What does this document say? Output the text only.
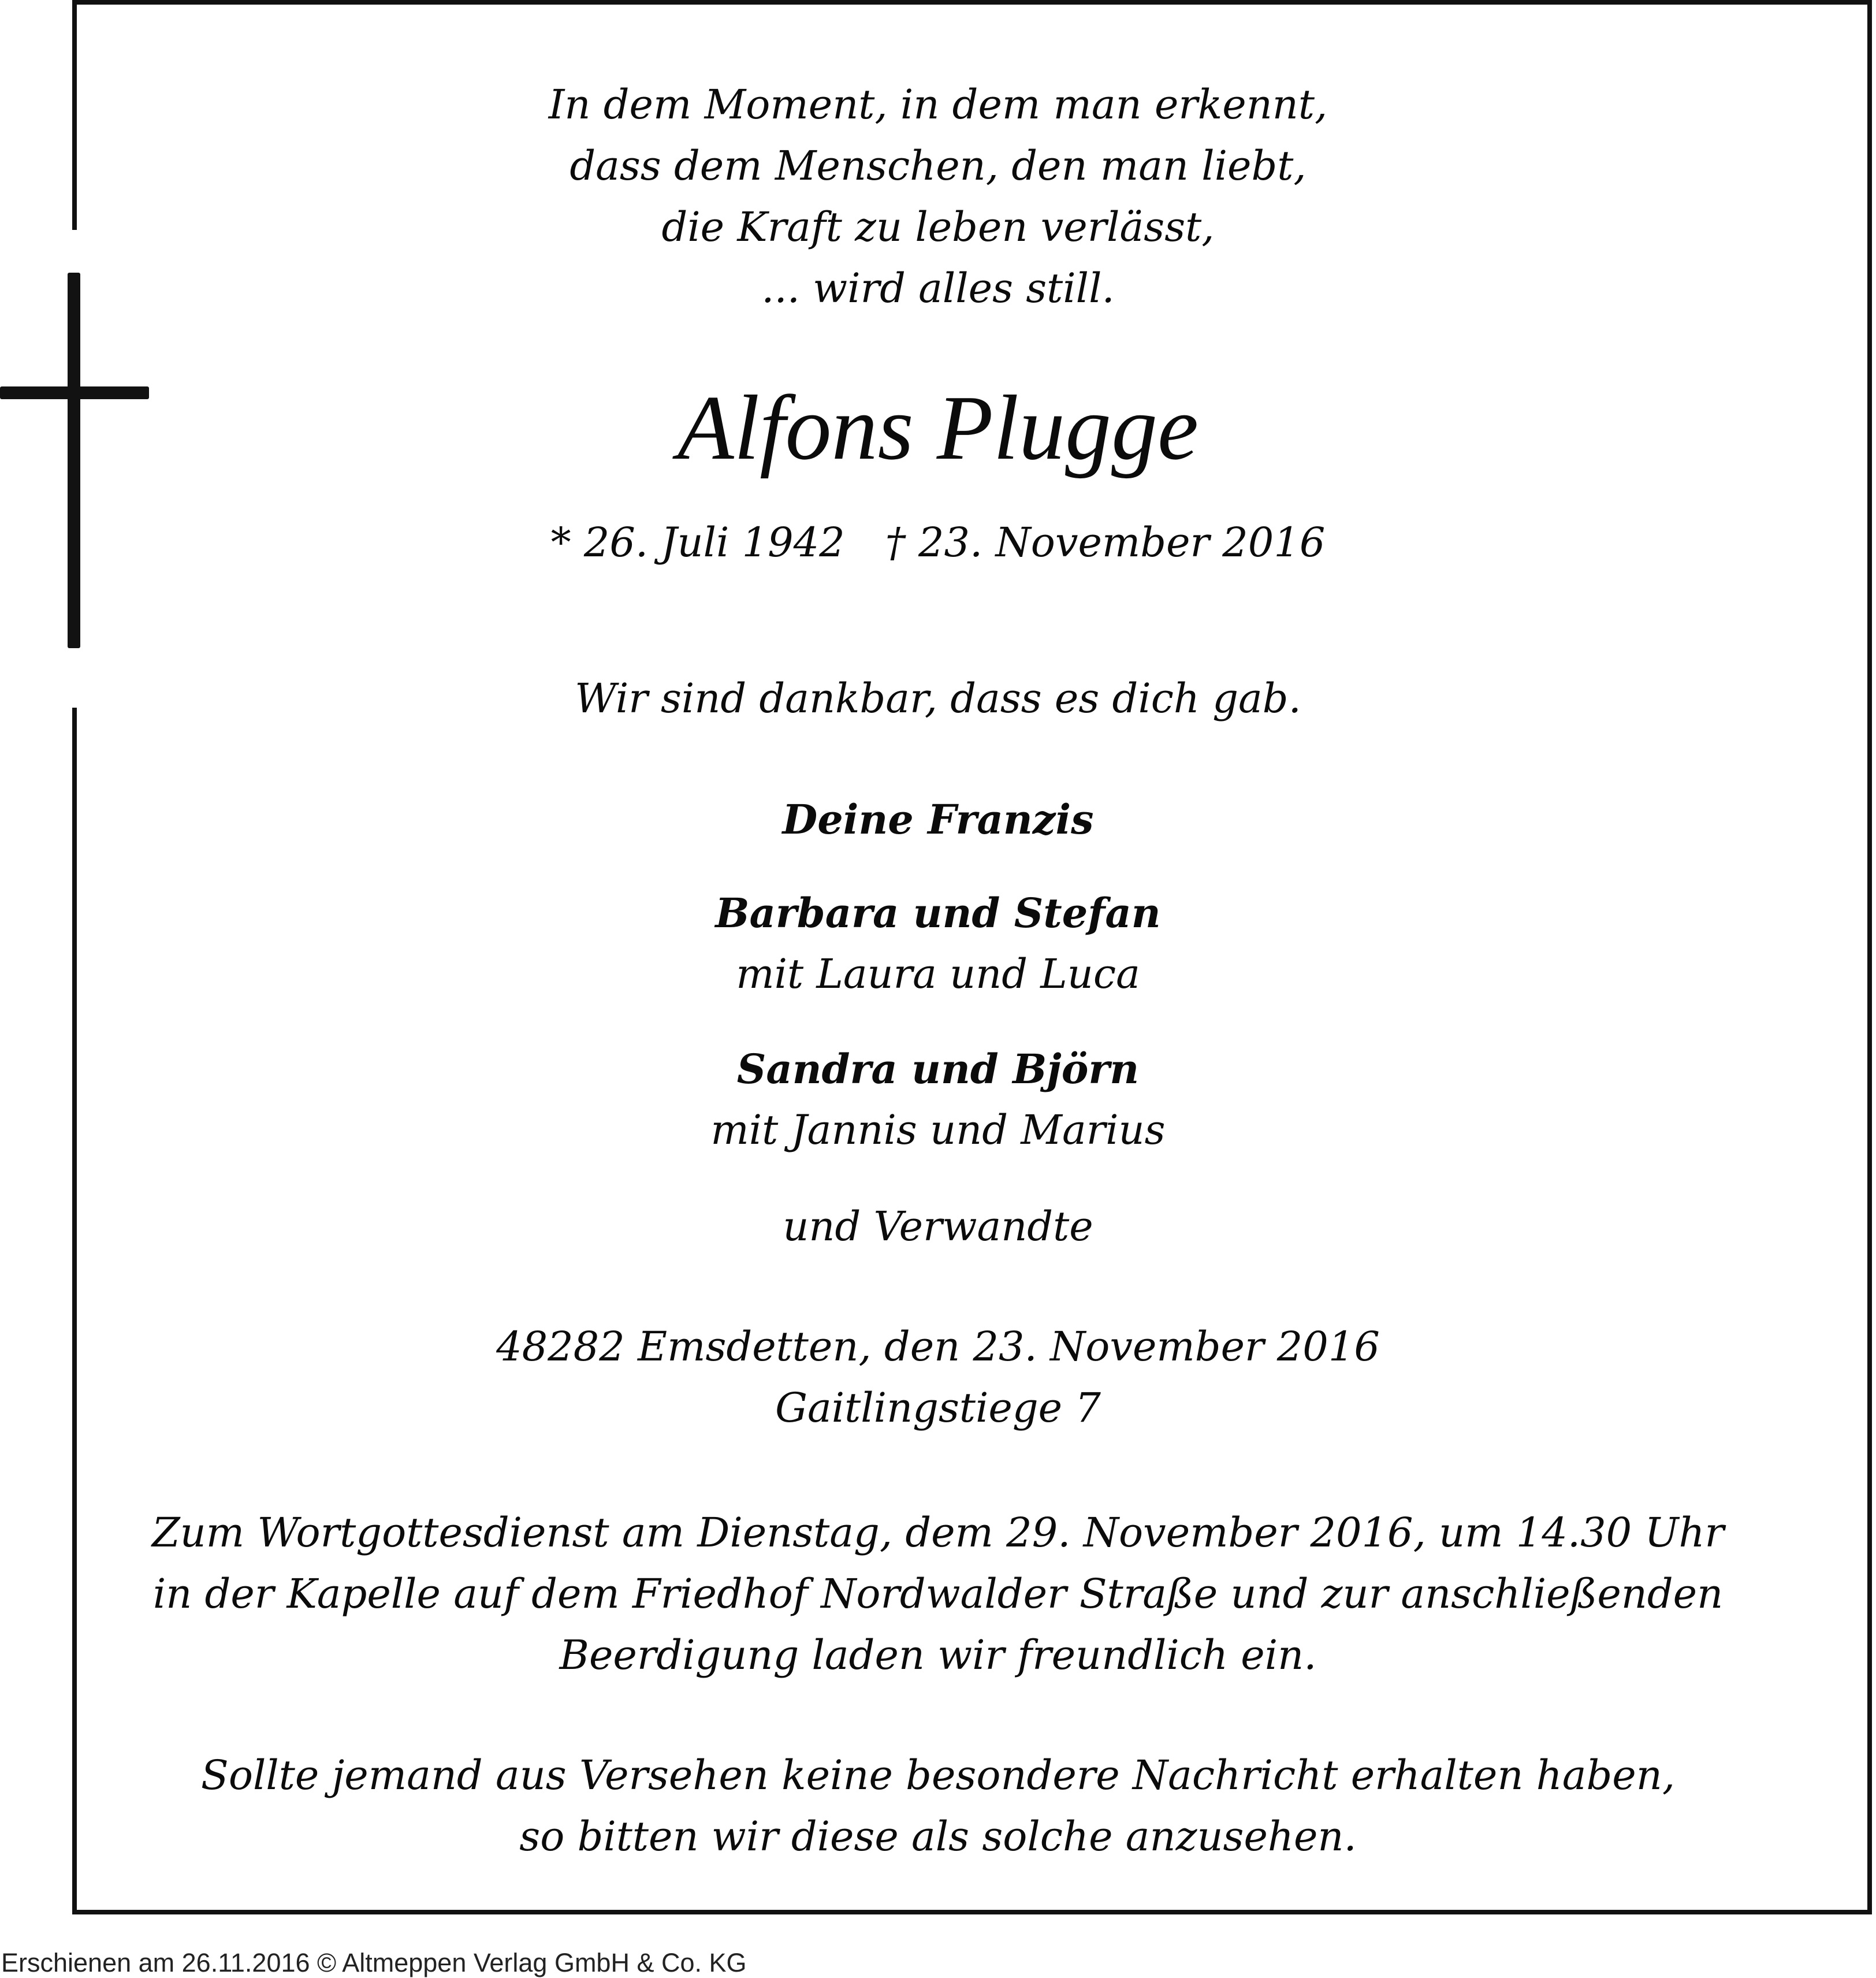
In dem Moment, in dem man erkennt,
dass dem Menschen, den man liebt,
die Kraft zu leben verlässt,
... wird alles still.
Alfons Plugge
* 26. Juli 1942 † 23. November 2016
Wir sind dankbar, dass es dich gab.
Deine Franzis
Barbara und Stefan
mit Laura und Luca
Sandra und Björn
mit Jannis und Marius
und Verwandte
48282 Emsdetten, den 23. November 2016
Gaitlingstiege 7
Zum Wortgottesdienst am Dienstag, dem 29. November 2016, um 14.30 Uhr
in der Kapelle auf dem Friedhof Nordwalder Straße und zur anschließenden
Beerdigung laden wir freundlich ein.
Sollte jemand aus Versehen keine besondere Nachricht erhalten haben,
so bitten wir diese als solche anzusehen.
Erschienen am 26.11.2016 © Altmeppen Verlag GmbH & Co. KG
